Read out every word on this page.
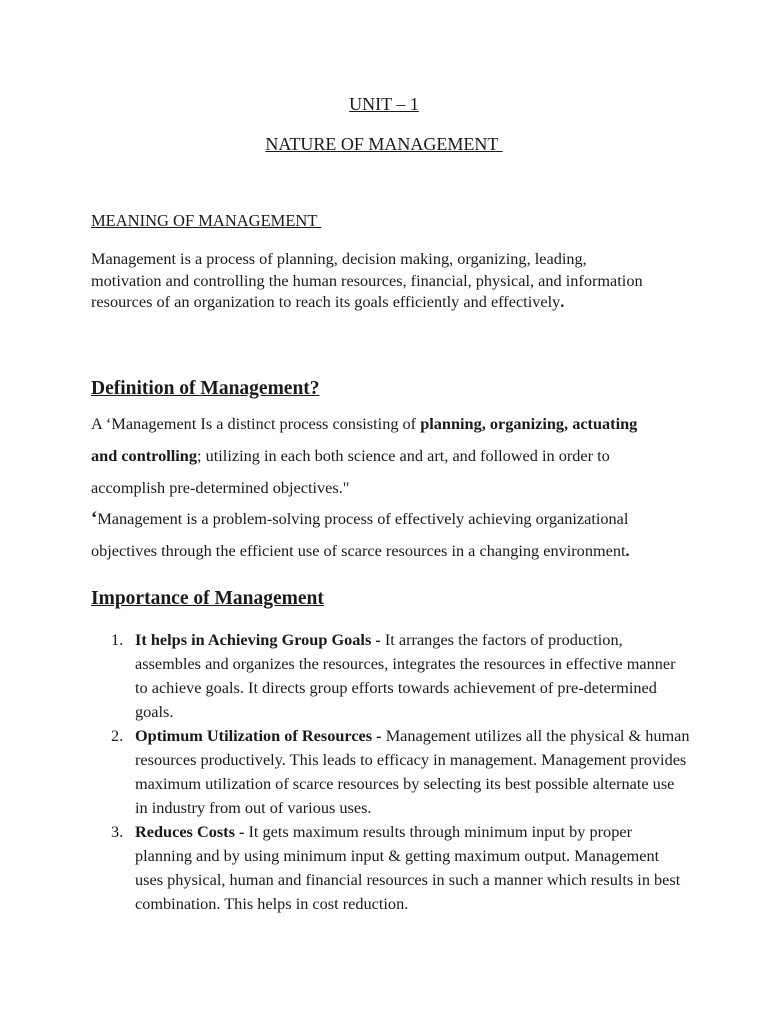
UNIT – 1
NATURE OF MANAGEMENT
MEANING OF MANAGEMENT

Management is a process of planning, decision making, organizing, leading, motivation and controlling the human resources, financial, physical, and information resources of an organization to reach its goals efficiently and effectively.

Definition of Management?

A ‘Management Is a distinct process consisting of planning, organizing, actuating and controlling; utilizing in each both science and art, and followed in order to accomplish pre-determined objectives."

‘Management is a problem-solving process of effectively achieving organizational objectives through the efficient use of scarce resources in a changing environment.

Importance of Management
1. It helps in Achieving Group Goals - It arranges the factors of production, assembles and organizes the resources, integrates the resources in effective manner to achieve goals. It directs group efforts towards achievement of pre-determined goals.
2. Optimum Utilization of Resources - Management utilizes all the physical & human resources productively. This leads to efficacy in management. Management provides maximum utilization of scarce resources by selecting its best possible alternate use in industry from out of various uses.
3. Reduces Costs - It gets maximum results through minimum input by proper planning and by using minimum input & getting maximum output. Management uses physical, human and financial resources in such a manner which results in best combination. This helps in cost reduction.
